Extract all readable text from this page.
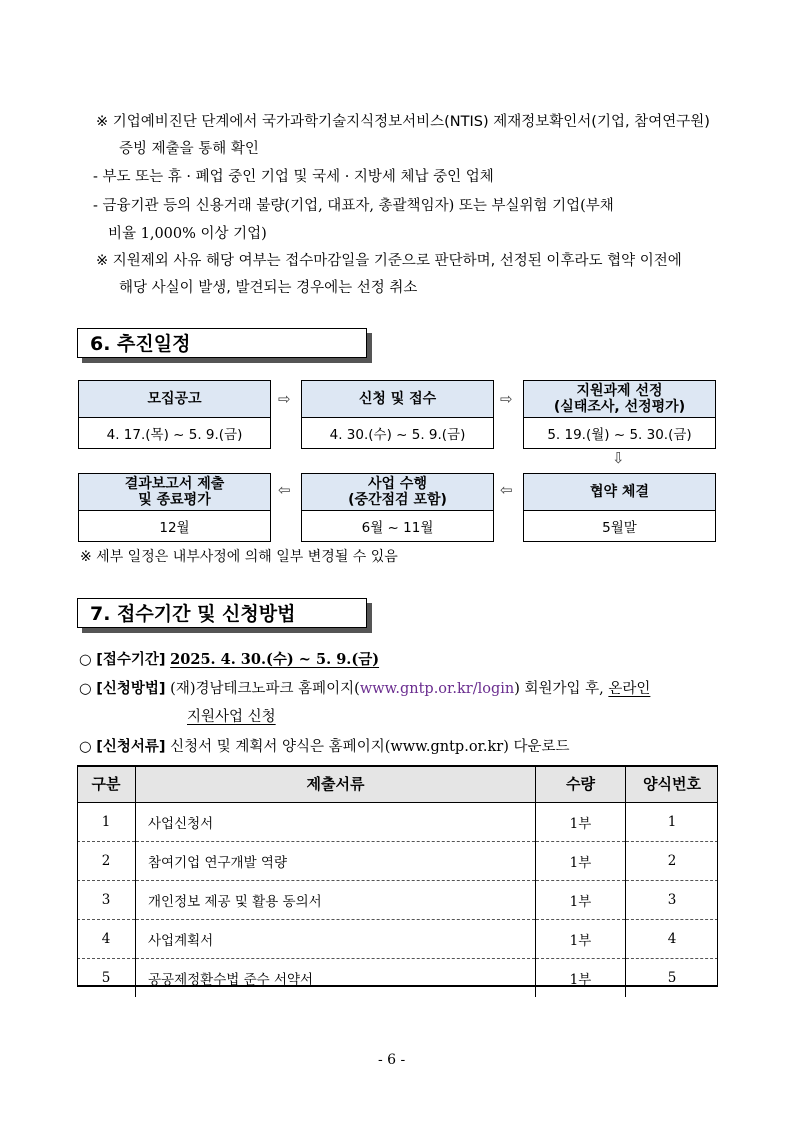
※ 기업예비진단 단계에서 국가과학기술지식정보서비스(NTIS) 제재정보확인서(기업, 참여연구원)
증빙 제출을 통해 확인
- 부도 또는 휴 · 폐업 중인 기업 및 국세 · 지방세 체납 중인 업체
- 금융기관 등의 신용거래 불량(기업, 대표자, 총괄책임자) 또는 부실위험 기업(부채
비율 1,000% 이상 기업)
※ 지원제외 사유 해당 여부는 접수마감일을 기준으로 판단하며, 선정된 이후라도 협약 이전에
해당 사실이 발생, 발견되는 경우에는 선정 취소
6. 추진일정
모집공고
4. 17.(목) ~ 5. 9.(금)
⇨	신청 및 접수
4. 30.(수) ~ 5. 9.(금)
⇨	지원과제 선정
(실태조사, 선정평가)
5. 19.(월) ~ 5. 30.(금)
⇩
결과보고서 제출
및 종료평가
12월
⇦	사업 수행
(중간점검 포함)
6월 ~ 11월
⇦	협약 체결
5월말
※ 세부 일정은 내부사정에 의해 일부 변경될 수 있음
7. 접수기간 및 신청방법
○ [접수기간] 2025. 4. 30.(수) ~ 5. 9.(금)
○ [신청방법] (재)경남테크노파크 홈페이지(www.gntp.or.kr/login) 회원가입 후, 온라인
지원사업 신청
○ [신청서류] 신청서 및 계획서 양식은 홈페이지(www.gntp.or.kr) 다운로드
구분	제출서류	수량	양식번호
1	사업신청서	1부	1
2	참여기업 연구개발 역량	1부	2
3	개인정보 제공 및 활용 동의서	1부	3
4	사업계획서	1부	4
5	공공제정환수법 준수 서약서	1부	5
- 6 -
